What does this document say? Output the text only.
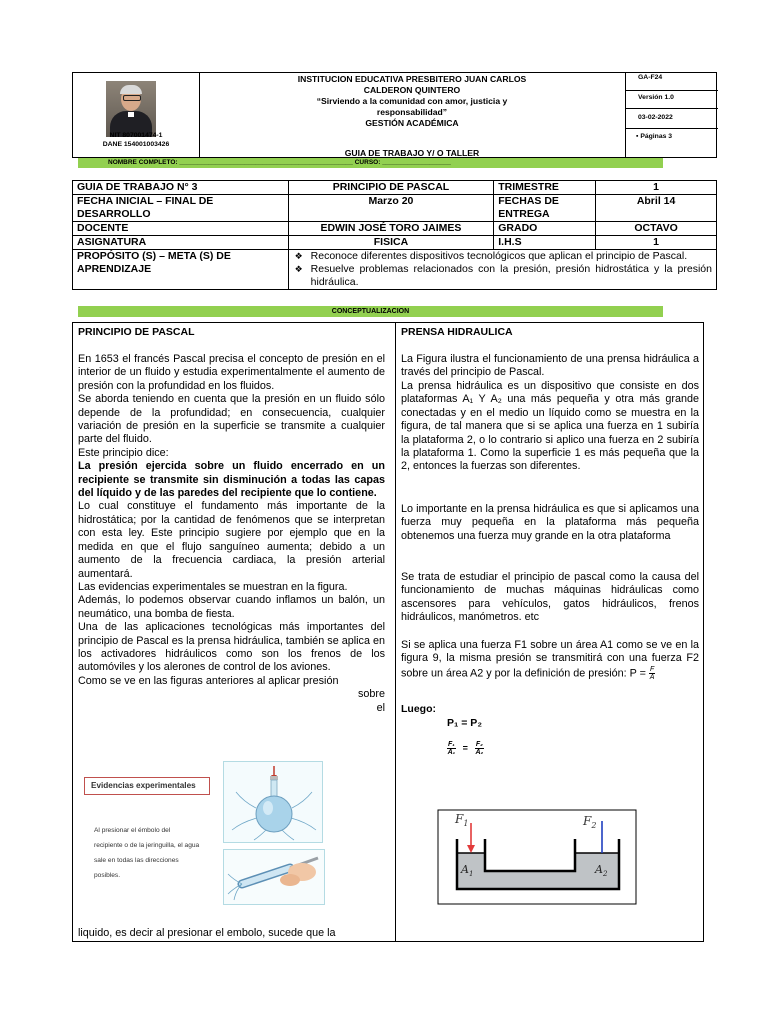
NIT 807001474-1
DANE 154001003426
INSTITUCION EDUCATIVA PRESBITERO JUAN CARLOS
CALDERON QUINTERO
“Sirviendo a la comunidad con amor, justicia y
responsabilidad”
GESTIÓN ACADÉMICA
GUIA DE TRABAJO Y/ O TALLER
GA-F24
Versión 1.0
03-02-2022
▪ Páginas 3
NOMBRE COMPLETO: ________________________________________________ CURSO: ___________________
GUIA DE TRABAJO N° 3	PRINCIPIO DE PASCAL	TRIMESTRE	1
FECHA INICIAL – FINAL DE DESARROLLO	Marzo 20	FECHAS DE ENTREGA	Abril 14
DOCENTE	EDWIN JOSÉ TORO JAIMES	GRADO	OCTAVO
ASIGNATURA	FISICA	I.H.S	1
PROPÓSITO (S) – META (S) DE APRENDIZAJE	❖ Reconoce diferentes dispositivos tecnológicos que aplican el principio de Pascal.
❖ Resuelve problemas relacionados con la presión, presión hidrostática y la presión hidráulica.		
CONCEPTUALIZACION
PRINCIPIO DE PASCAL
En 1653 el francés Pascal precisa el concepto de presión en el interior de un fluido y estudia experimentalmente el aumento de presión con la profundidad en los fluidos.
Se aborda teniendo en cuenta que la presión en un fluido sólo depende de la profundidad; en consecuencia, cualquier variación de presión en la superficie se transmite a cualquier parte del fluido.
Este principio dice:
La presión ejercida sobre un fluido encerrado en un recipiente se transmite sin disminución a todas las capas del líquido y de las paredes del recipiente que lo contiene.
Lo cual constituye el fundamento más importante de la hidrostática; por la cantidad de fenómenos que se interpretan con esta ley. Este principio sugiere por ejemplo que en la medida en que el flujo sanguíneo aumenta; debido a un aumento de la frecuencia cardiaca, la presión arterial aumentará.
Las evidencias experimentales se muestran en la figura.
Además, lo podemos observar cuando inflamos un balón, un neumático, una bomba de fiesta.
Una de las aplicaciones tecnológicas más importantes del principio de Pascal es la prensa hidráulica, también se aplica en los activadores hidráulicos como son los frenos de los automóviles y los alerones de control de los aviones.
Como se ve en las figuras anteriores al aplicar presión
sobre
el
Evidencias experimentales
Al presionar el émbolo del
recipiente o de la jeringuilla, el agua
sale en todas las direcciones
posibles.
liquido, es decir al presionar el embolo, sucede que la
PRENSA HIDRAULICA
La Figura ilustra el funcionamiento de una prensa hidráulica a través del principio de Pascal.
La prensa hidráulica es un dispositivo que consiste en dos plataformas A₁ Y A₂ una más pequeña y otra más grande conectadas y en el medio un líquido como se muestra en la figura, de tal manera que si se aplica una fuerza en 1 subiría la plataforma 2, o lo contrario si aplico una fuerza en 2 subiría la plataforma 1. Como la superficie 1 es más pequeña que la 2, entonces la fuerzas son diferentes.
Lo importante en la prensa hidráulica es que si aplicamos una fuerza muy pequeña en la plataforma más pequeña obtenemos una fuerza muy grande en la otra plataforma
Se trata de estudiar el principio de pascal como la causa del funcionamiento de muchas máquinas hidráulicas como ascensores para vehículos, gatos hidráulicos, frenos hidráulicos, manómetros. etc
Si se aplica una fuerza F1 sobre un área A1 como se ve en la figura 9, la misma presión se transmitirá con una fuerza F2 sobre un área A2 y por la definición de presión: $P = \frac{F}{A}$
Luego:
P₁ = P₂
$\frac{\text{F₁}}{\text{A₁}} = \frac{\text{F₂}}{\text{A₂}}$
$F_1$	$F_2$
$A_1$	$A_2$
